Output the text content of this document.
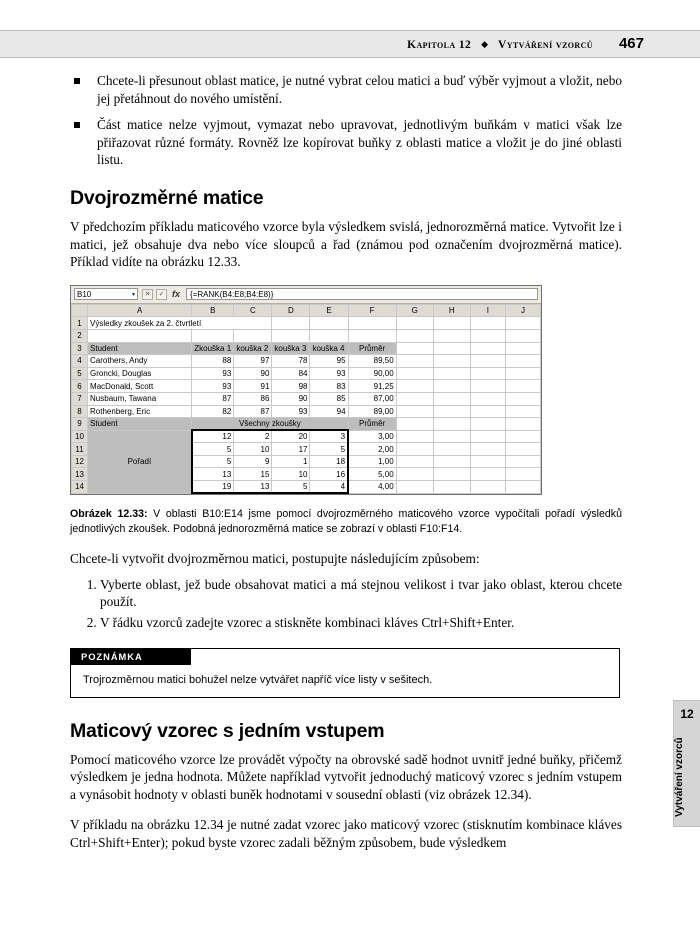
Kapitola 12 ◆ Vytváření vzorců 467
Chcete-li přesunout oblast matice, je nutné vybrat celou matici a buď výběr vyjmout a vložit, nebo jej přetáhnout do nového umístění.
Část matice nelze vyjmout, vymazat nebo upravovat, jednotlivým buňkám v matici však lze přiřazovat různé formáty. Rovněž lze kopírovat buňky z oblasti matice a vložit je do jiné oblasti listu.
Dvojrozměrné matice

V předchozím příkladu maticového vzorce byla výsledkem svislá, jednorozměrná matice. Vytvořit lze i matici, jež obsahuje dva nebo více sloupců a řad (známou pod označením dvojrozměrná matice). Příklad vidíte na obrázku 12.33.

B10	▾	✕	✓ fx	{=RANK(B4:E8;B4:E8)}
	A	B	C	D	E	F	G	H	I	J
1	Výsledky zkoušek za 2. čtvrtletí									
2										
3	Student	Zkouška 1	kouška 2	kouška 3	kouška 4	Průměr				
4	Carothers, Andy	88	97	78	95	89,50				
5	Groncki, Douglas	93	90	84	93	90,00				
6	MacDonald, Scott	93	91	98	83	91,25				
7	Nusbaum, Tawana	87	86	90	85	87,00				
8	Rothenberg, Eric	82	87	93	94	89,00				
9	Student	Všechny zkoušky				Průměr				
10	Pořadí	12	2	20	3	3,00				
11		5	10	17	5	2,00				
12		5	9	1	18	1,00				
13		13	15	10	16	5,00				
14		19	13	5	4	4,00				

Obrázek 12.33: V oblasti B10:E14 jsme pomocí dvojrozměrného maticového vzorce vypočítali pořadí výsledků jednotlivých zkoušek. Podobná jednorozměrná matice se zobrazí v oblasti F10:F14.

Chcete-li vytvořit dvojrozměrnou matici, postupujte následujícím způsobem:

1. Vyberte oblast, jež bude obsahovat matici a má stejnou velikost i tvar jako oblast, kterou chcete použít.
2. V řádku vzorců zadejte vzorec a stiskněte kombinaci kláves Ctrl+Shift+Enter.
POZNÁMKA
Trojrozměrnou matici bohužel nelze vytvářet napříč více listy v sešitech.
Maticový vzorec s jedním vstupem

Pomocí maticového vzorce lze provádět výpočty na obrovské sadě hodnot uvnitř jedné buňky, přičemž výsledkem je jedna hodnota. Můžete například vytvořit jednoduchý maticový vzorec s jedním vstupem a vynásobit hodnoty v oblasti buněk hodnotami v sousední oblasti (viz obrázek 12.34).

V příkladu na obrázku 12.34 je nutné zadat vzorec jako maticový vzorec (stisknutím kombinace kláves Ctrl+Shift+Enter); pokud byste vzorec zadali běžným způsobem, bude výsledkem

12
Vytváření vzorců
